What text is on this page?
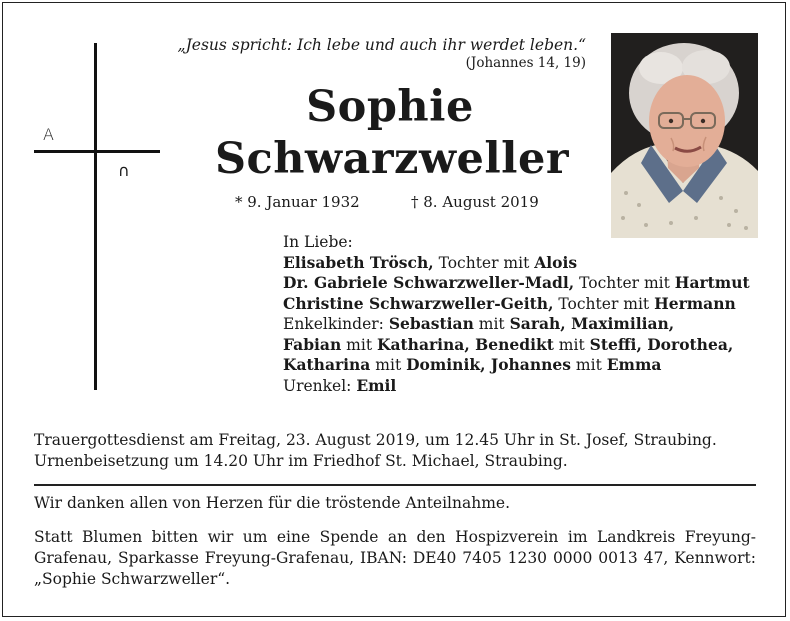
„Jesus spricht: Ich lebe und auch ihr werdet leben.“
(Johannes 14, 19)
A
∩
Sophie
Schwarzweller
* 9. Januar 1932	† 8. August 2019
In Liebe:
Elisabeth Trösch, Tochter mit Alois
Dr. Gabriele Schwarzweller-Madl, Tochter mit Hartmut
Christine Schwarzweller-Geith, Tochter mit Hermann
Enkelkinder: Sebastian mit Sarah, Maximilian,
Fabian mit Katharina, Benedikt mit Steffi, Dorothea,
Katharina mit Dominik, Johannes mit Emma
Urenkel: Emil
Trauergottesdienst am Freitag, 23. August 2019, um 12.45 Uhr in St. Josef, Straubing.
Urnenbeisetzung um 14.20 Uhr im Friedhof St. Michael, Straubing.
Wir danken allen von Herzen für die tröstende Anteilnahme.
Statt Blumen bitten wir um eine Spende an den Hospizverein im Landkreis Freyung-
Grafenau, Sparkasse Freyung-Grafenau, IBAN: DE40 7405 1230 0000 0013 47, Kennwort:
„Sophie Schwarzweller“.
